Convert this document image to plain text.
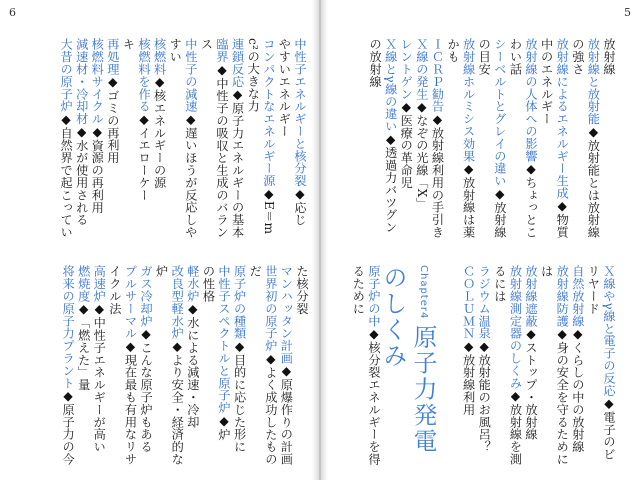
6
中性子エネルギーと核分裂◆応じ
やすいエネルギー
コンパクトなエネルギー源◆E＝m
c²の大きな力
連鎖反応◆原子力エネルギーの基本
臨界◆中性子の吸収と生成のバラン
ス
中性子の減速◆遅いほうが反応しや
すい
核燃料◆核エネルギーの源
核燃料を作る◆イエローケー
キ
再処理◆ゴミの再利用
核燃料サイクル◆資源の再利用
減速材・冷却材◆水が使用される
大昔の原子炉◆自然界で起こってい
た核分裂
マンハッタン計画◆原爆作りの計画
世界初の原子炉◆よく成功したもの
だ
原子炉の種類◆目的に応じた形に
中性子スペクトルと原子炉◆炉
の性格
軽水炉◆水による減速・冷却
改良型軽水炉◆より安全・経済的な
炉
ガス冷却炉◆こんな原子炉もある
プルサーマル◆現在最も有用なリサ
イクル法
高速炉◆中性子エネルギーが高い
燃焼度◆「燃えた」量
将来の原子力プラント◆原子力の今
5
放射線
放射線と放射能◆放射能とは放射線
の強さ
放射線によるエネルギー生成◆物質
中のエネルギー
放射線の人体への影響◆ちょっとこ
わい話
シーベルトとグレイの違い◆放射線
の目安
放射線ホルミシス効果◆放射線は薬
かも
ＩＣＲＰ勧告◆放射線利用の手引き
Ｘ線の発生◆なぞの光線「X」
レントゲン◆医療の革命児
Ｘ線とγ線の違い◆透過力バツグン
の放射線
Ｘ線やγ線と電子の反応◆電子のビ
リヤード
自然放射線◆くらしの中の放射線
放射線防護◆身の安全を守るために
は
放射線遮蔽◆ストップ・放射線
放射線測定器のしくみ◆放射線を測
るには
ラジウム温泉◆放射能のお風呂？
ＣＯＬＵＭＮ◆放射線利用
原子炉の中◆核分裂エネルギーを得
るために	Chapter4 原子力発電のしくみ
